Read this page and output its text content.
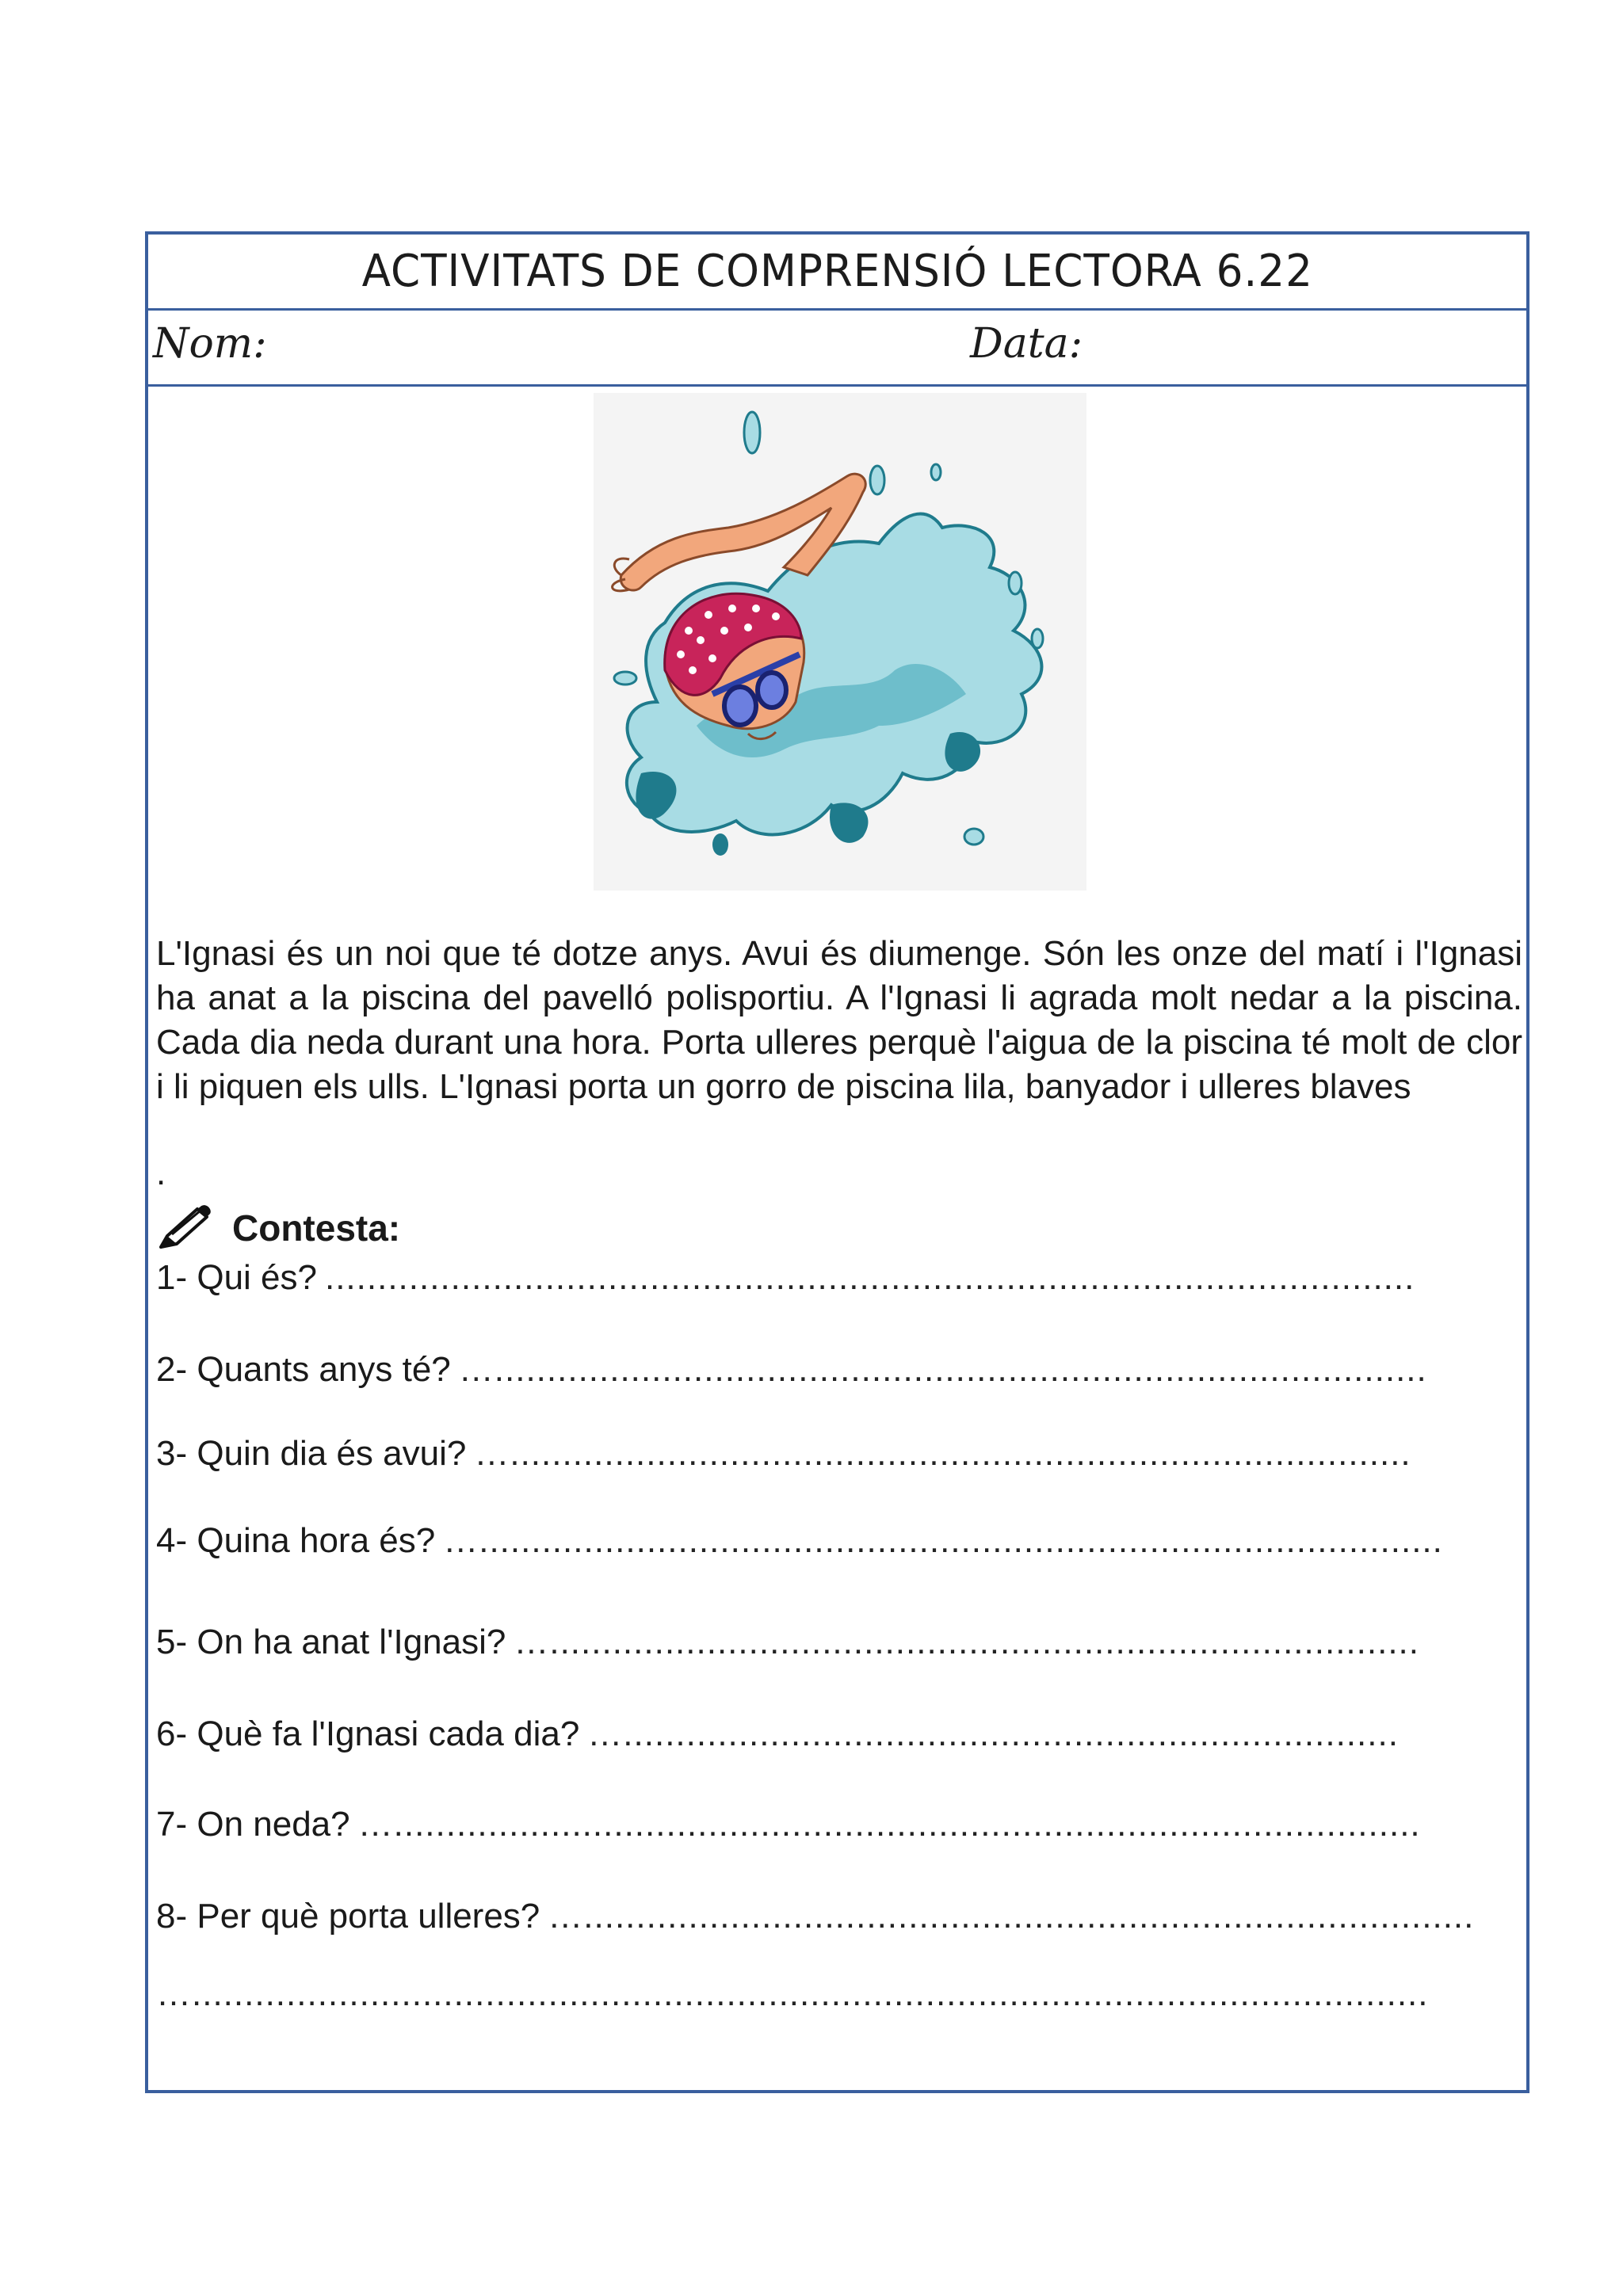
ACTIVITATS DE COMPRENSIÓ LECTORA 6.22
Nom:	Data:

L'Ignasi és un noi que té dotze anys. Avui és diumenge. Són les onze del matí i l'Ignasi ha anat a la piscina del pavelló polisportiu. A l'Ignasi li agrada molt nedar a la piscina. Cada dia neda durant una hora. Porta ulleres perquè l'aigua de la piscina té molt de clor i li piquen els ulls. L'Ignasi porta un gorro de piscina lila, banyador i ulleres blaves

.
Contesta:
1- Qui és? ........................................................................................................
2- Quants anys té? ….........................................................................................
3- Quin dia és avui? …......................................................................................
4- Quina hora és? …............................................................................................
5- On ha anat l'Ignasi? …...................................................................................
6- Què fa l'Ignasi cada dia? …..........................................................................
7- On neda? …..................................................................................................
8- Per què porta ulleres? ….....................................................................................
…......................................................................................................................
